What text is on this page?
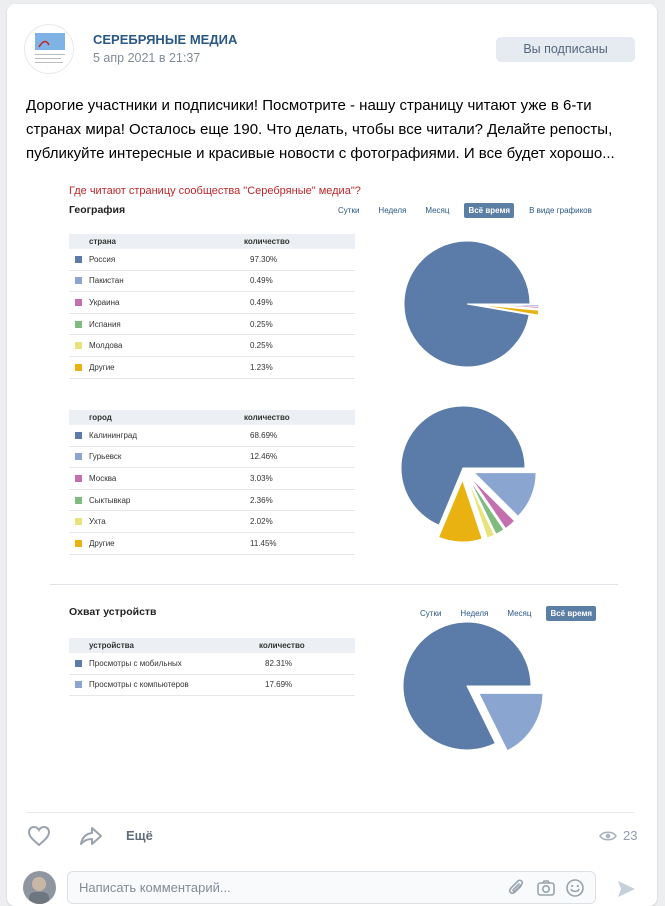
СЕРЕБРЯНЫЕ МЕДИА
5 апр 2021 в 21:37
Вы подписаны
Дорогие участники и подписчики! Посмотрите - нашу страницу читают уже в 6-ти странах мира! Осталось еще 190. Что делать, чтобы все читали? Делайте репосты, публикуйте интересные и красивые новости с фотографиями. И все будет хорошо...
Где читают страницу сообщества "Серебряные" медиа"?
География	Сутки	Неделя	Месяц	Всё время	В виде графиков
страна	количество
Россия	97.30%
Пакистан	0.49%
Украина	0.49%
Испания	0.25%
Молдова	0.25%
Другие	1.23%
город	количество
Калининград	68.69%
Гурьевск	12.46%
Москва	3.03%
Сыктывкар	2.36%
Ухта	2.02%
Другие	11.45%
Охват устройств	Сутки	Неделя	Месяц	Всё время
устройства	количество
Просмотры с мобильных	82.31%
Просмотры с компьютеров	17.69%
Ещё	23
Написать комментарий...
